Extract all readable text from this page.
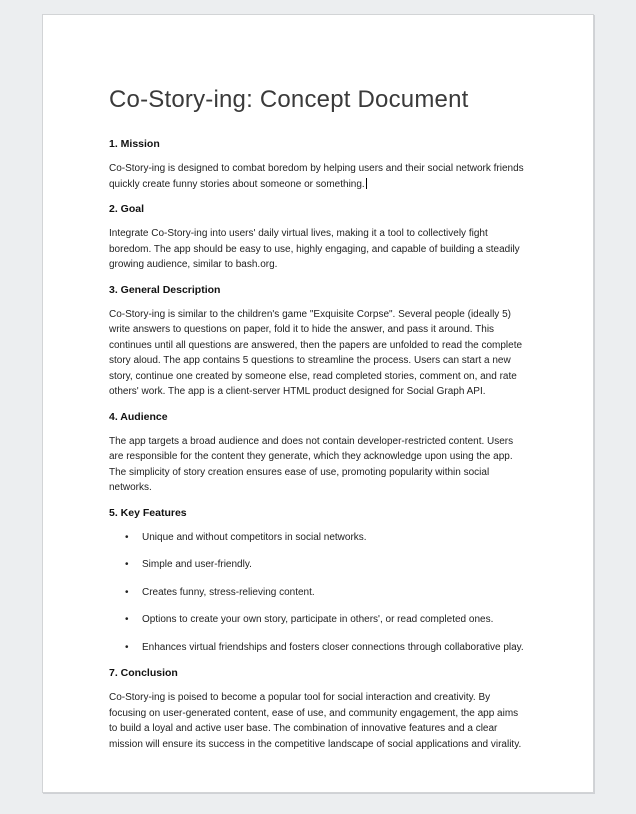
Co-Story-ing: Concept Document
1. Mission

Co-Story-ing is designed to combat boredom by helping users and their social network friends quickly create funny stories about someone or something.

2. Goal

Integrate Co-Story-ing into users' daily virtual lives, making it a tool to collectively fight boredom. The app should be easy to use, highly engaging, and capable of building a steadily growing audience, similar to bash.org.

3. General Description

Co-Story-ing is similar to the children's game "Exquisite Corpse". Several people (ideally 5) write answers to questions on paper, fold it to hide the answer, and pass it around. This continues until all questions are answered, then the papers are unfolded to read the complete story aloud. The app contains 5 questions to streamline the process. Users can start a new story, continue one created by someone else, read completed stories, comment on, and rate others' work. The app is a client-server HTML product designed for Social Graph API.

4. Audience

The app targets a broad audience and does not contain developer-restricted content. Users are responsible for the content they generate, which they acknowledge upon using the app. The simplicity of story creation ensures ease of use, promoting popularity within social networks.

5. Key Features
• Unique and without competitors in social networks.
• Simple and user-friendly.
• Creates funny, stress-relieving content.
• Options to create your own story, participate in others', or read completed ones.
• Enhances virtual friendships and fosters closer connections through collaborative play.
7. Conclusion

Co-Story-ing is poised to become a popular tool for social interaction and creativity. By focusing on user-generated content, ease of use, and community engagement, the app aims to build a loyal and active user base. The combination of innovative features and a clear mission will ensure its success in the competitive landscape of social applications and virality.
